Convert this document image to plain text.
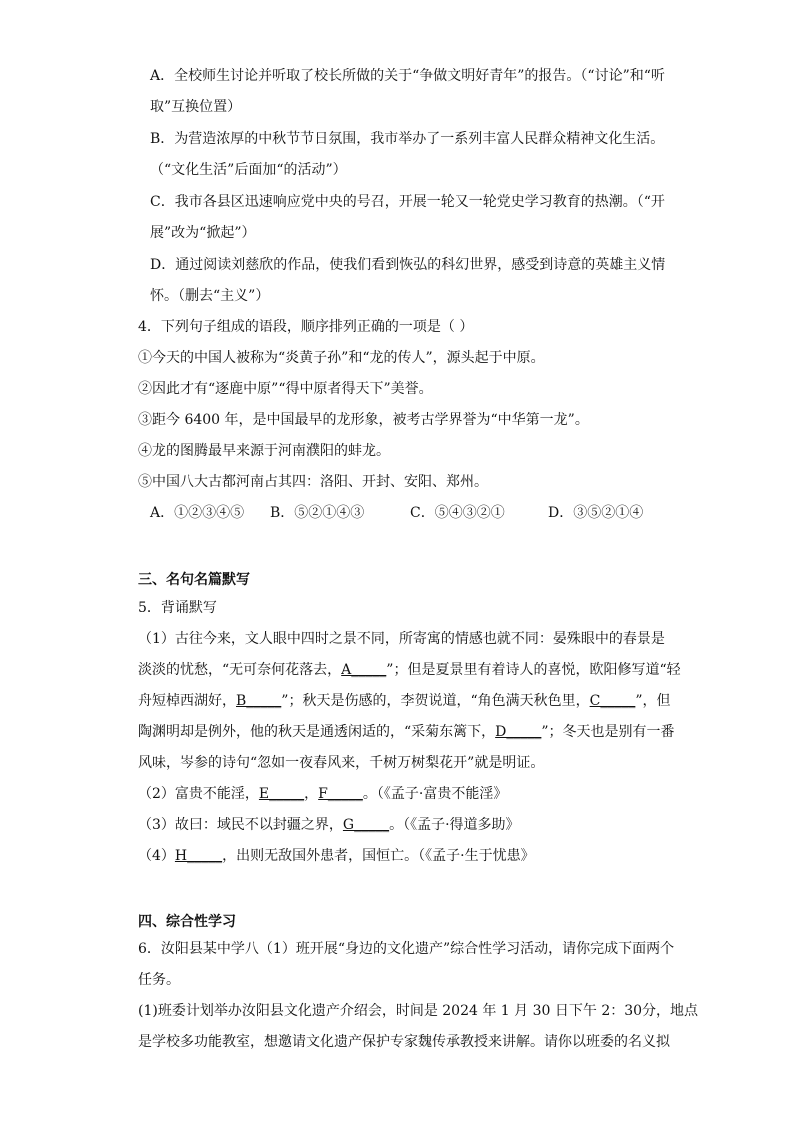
A．全校师生讨论并听取了校长所做的关于“争做文明好青年”的报告。（“讨论”和“听
取”互换位置）
B．为营造浓厚的中秋节节日氛围，我市举办了一系列丰富人民群众精神文化生活。
（“文化生活”后面加“的活动”）
C．我市各县区迅速响应党中央的号召，开展一轮又一轮党史学习教育的热潮。（“开
展”改为“掀起”）
D．通过阅读刘慈欣的作品，使我们看到恢弘的科幻世界，感受到诗意的英雄主义情
怀。（删去“主义”）
4．下列句子组成的语段，顺序排列正确的一项是（ ）
①今天的中国人被称为“炎黄子孙”和“龙的传人”，源头起于中原。
②因此才有“逐鹿中原”“得中原者得天下”美誉。
③距今 6400 年，是中国最早的龙形象，被考古学界誉为“中华第一龙”。
④龙的图腾最早来源于河南濮阳的蚌龙。
⑤中国八大古都河南占其四：洛阳、开封、安阳、郑州。
A．①②③④⑤ B．⑤②①④③	C．⑤④③②①	D．③⑤②①④
三、名句名篇默写
5．背诵默写
（1）古往今来，文人眼中四时之景不同，所寄寓的情感也就不同：晏殊眼中的春景是
淡淡的忧愁，“无可奈何花落去，A_____”；但是夏景里有着诗人的喜悦，欧阳修写道“轻
舟短棹西湖好，B_____”；秋天是伤感的，李贺说道，“角色满天秋色里，C_____”，但
陶渊明却是例外，他的秋天是通透闲适的，“采菊东篱下，D_____”；冬天也是别有一番
风味，岑参的诗句“忽如一夜春风来，千树万树梨花开”就是明证。
（2）富贵不能淫，E_____，F_____。（《孟子·富贵不能淫》
（3）故曰：域民不以封疆之界，G_____。（《孟子·得道多助》
（4）H_____，出则无敌国外患者，国恒亡。（《孟子·生于忧患》
四、综合性学习
6．汝阳县某中学八（1）班开展“身边的文化遗产”综合性学习活动，请你完成下面两个
任务。
(1)班委计划举办汝阳县文化遗产介绍会，时间是 2024 年 1 月 30 日下午 2：30分，地点
是学校多功能教室，想邀请文化遗产保护专家魏传承教授来讲解。请你以班委的名义拟
